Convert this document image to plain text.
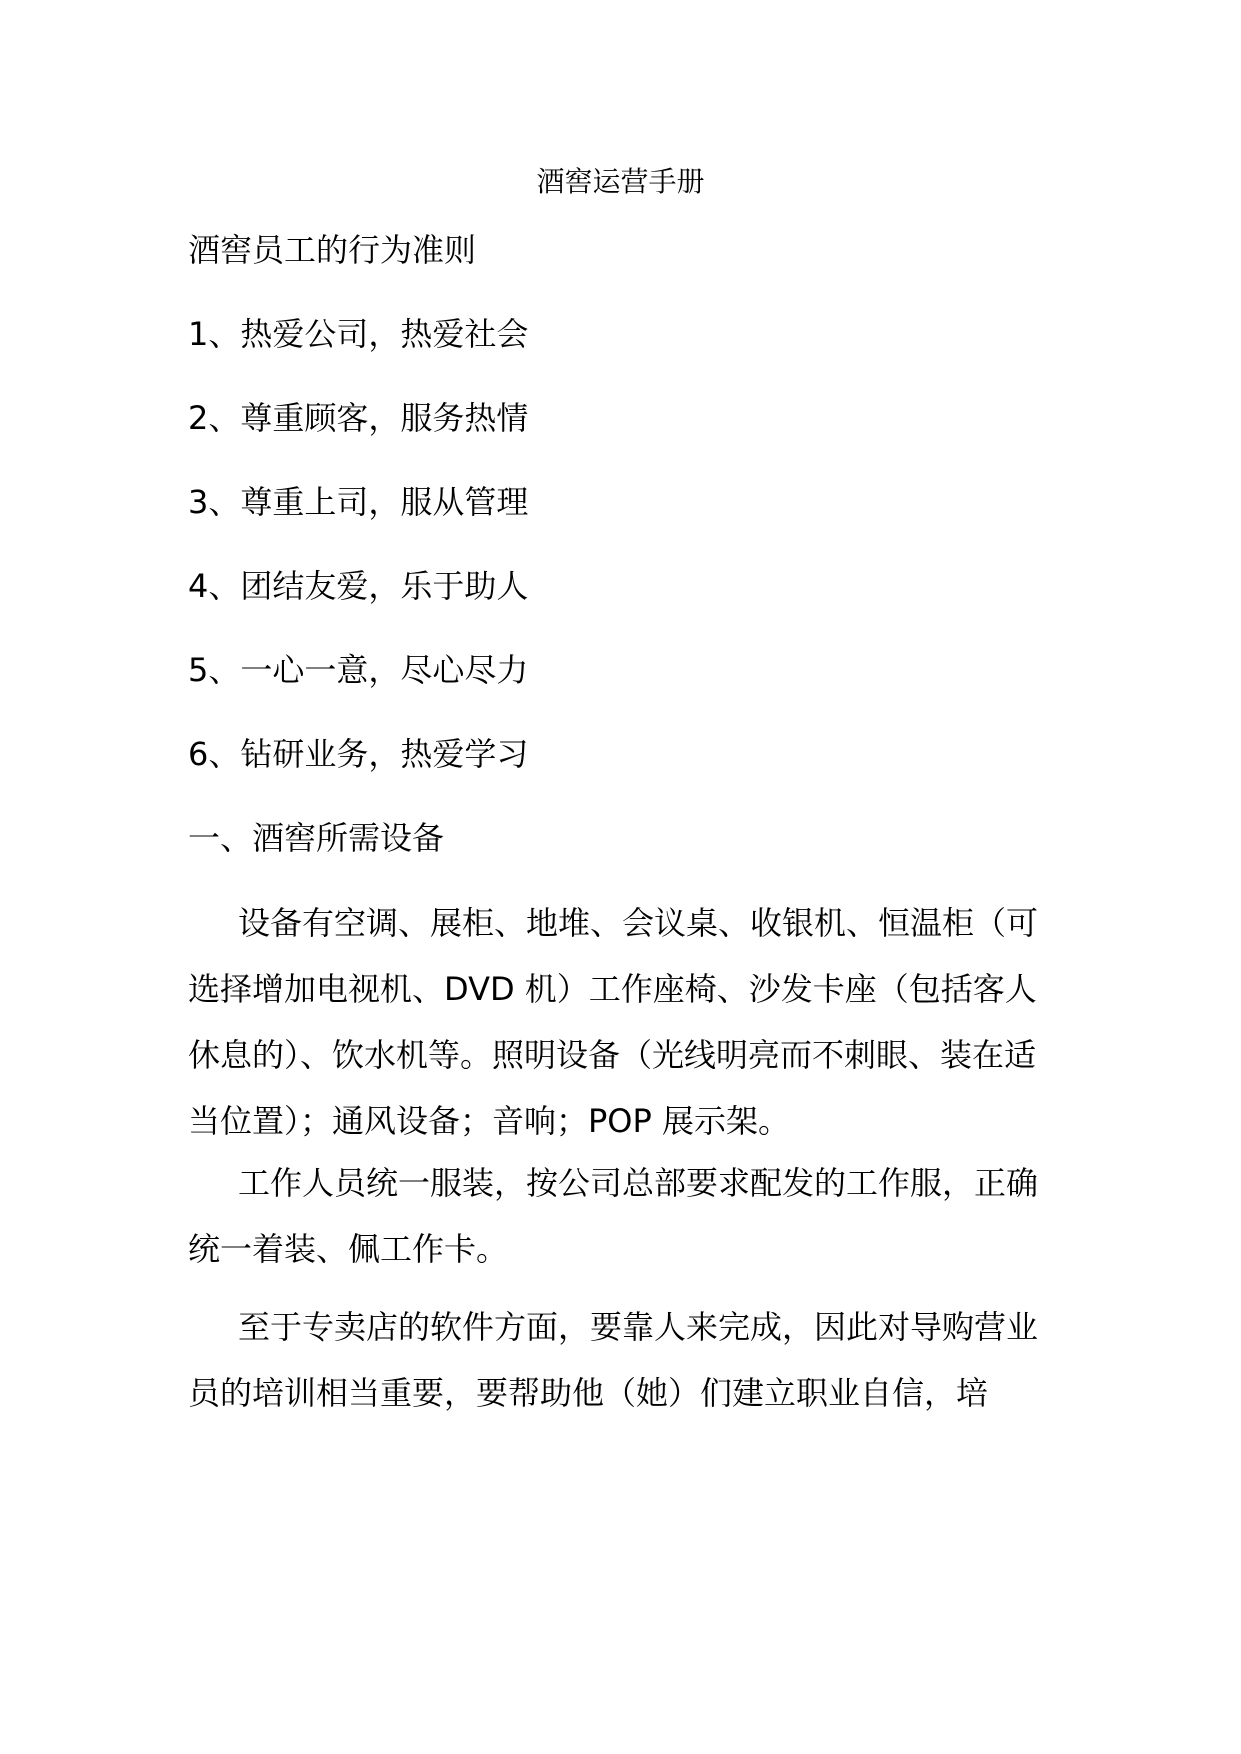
酒窖运营手册
酒窖员工的行为准则
1、热爱公司，热爱社会
2、尊重顾客，服务热情
3、尊重上司，服从管理
4、团结友爱，乐于助人
5、一心一意，尽心尽力
6、钻研业务，热爱学习
一、酒窖所需设备
设备有空调、展柜、地堆、会议桌、收银机、恒温柜（可选择增加电视机、DVD 机）工作座椅、沙发卡座（包括客人休息的）、饮水机等。照明设备（光线明亮而不刺眼、装在适当位置）；通风设备；音响；POP 展示架。
工作人员统一服装，按公司总部要求配发的工作服，正确统一着装、佩工作卡。
至于专卖店的软件方面，要靠人来完成，因此对导购营业员的培训相当重要，要帮助他（她）们建立职业自信，培
